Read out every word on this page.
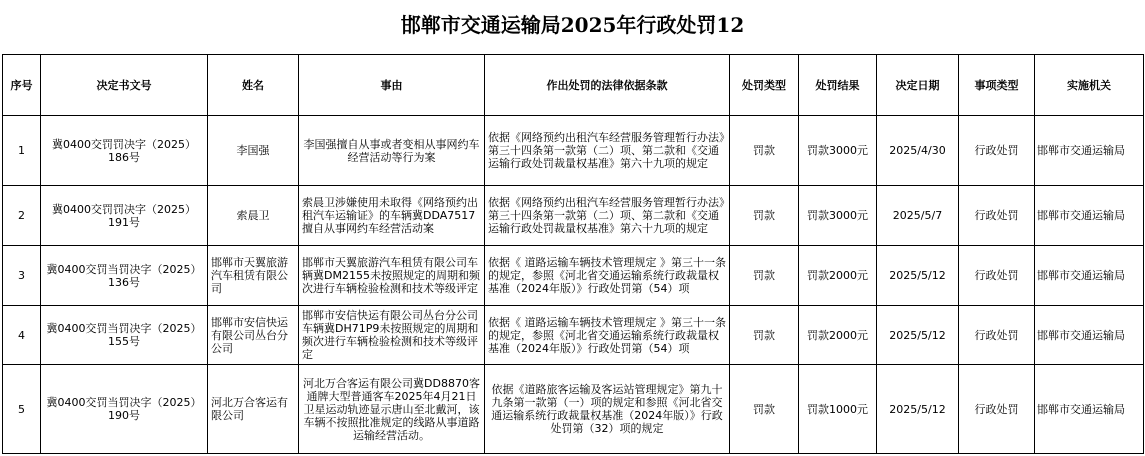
邯郸市交通运输局2025年行政处罚12
序号	决定书文号	姓名	事由	作出处罚的法律依据条款	处罚类型	处罚结果	决定日期	事项类型	实施机关
1	冀0400交罚罚决字（2025）186号	李国强	李国强擅自从事或者变相从事网约车经营活动等行为案	依据《网络预约出租汽车经营服务管理暂行办法》第三十四条第一款第（二）项、第二款和《交通运输行政处罚裁量权基准》第六十九项的规定	罚款	罚款3000元	2025/4/30	行政处罚	邯郸市交通运输局
2	冀0400交罚罚决字（2025）191号	索晨卫	索晨卫涉嫌使用未取得《网络预约出租汽车运输证》的车辆冀DDA7517擅自从事网约车经营活动案	依据《网络预约出租汽车经营服务管理暂行办法》第三十四条第一款第（二）项、第二款和《交通运输行政处罚裁量权基准》第六十九项的规定	罚款	罚款3000元	2025/5/7	行政处罚	邯郸市交通运输局
3	冀0400交罚当罚决字（2025）136号	邯郸市天翼旅游汽车租赁有限公司	邯郸市天翼旅游汽车租赁有限公司车辆冀DM2155未按照规定的周期和频次进行车辆检验检测和技术等级评定	依据《 道路运输车辆技术管理规定 》第三十一条的规定，参照《河北省交通运输系统行政裁量权基准（2024年版）》行政处罚第（54）项	罚款	罚款2000元	2025/5/12	行政处罚	邯郸市交通运输局
4	冀0400交罚当罚决字（2025）155号	邯郸市安信快运有限公司丛台分公司	邯郸市安信快运有限公司丛台分公司车辆冀DH71P9未按照规定的周期和频次进行车辆检验检测和技术等级评定	依据《 道路运输车辆技术管理规定 》第三十一条的规定，参照《河北省交通运输系统行政裁量权基准（2024年版）》行政处罚第（54）项	罚款	罚款2000元	2025/5/12	行政处罚	邯郸市交通运输局
5	冀0400交罚当罚决字（2025）190号	河北万合客运有限公司	河北万合客运有限公司冀DD8870客通牌大型普通客车2025年4月21日卫星运动轨迹显示唐山至北戴河，该车辆不按照批准规定的线路从事道路运输经营活动。	依据《道路旅客运输及客运站管理规定》第九十九条第一款第（一）项的规定和参照《河北省交通运输系统行政裁量权基准（2024年版）》行政处罚第（32）项的规定	罚款	罚款1000元	2025/5/12	行政处罚	邯郸市交通运输局
